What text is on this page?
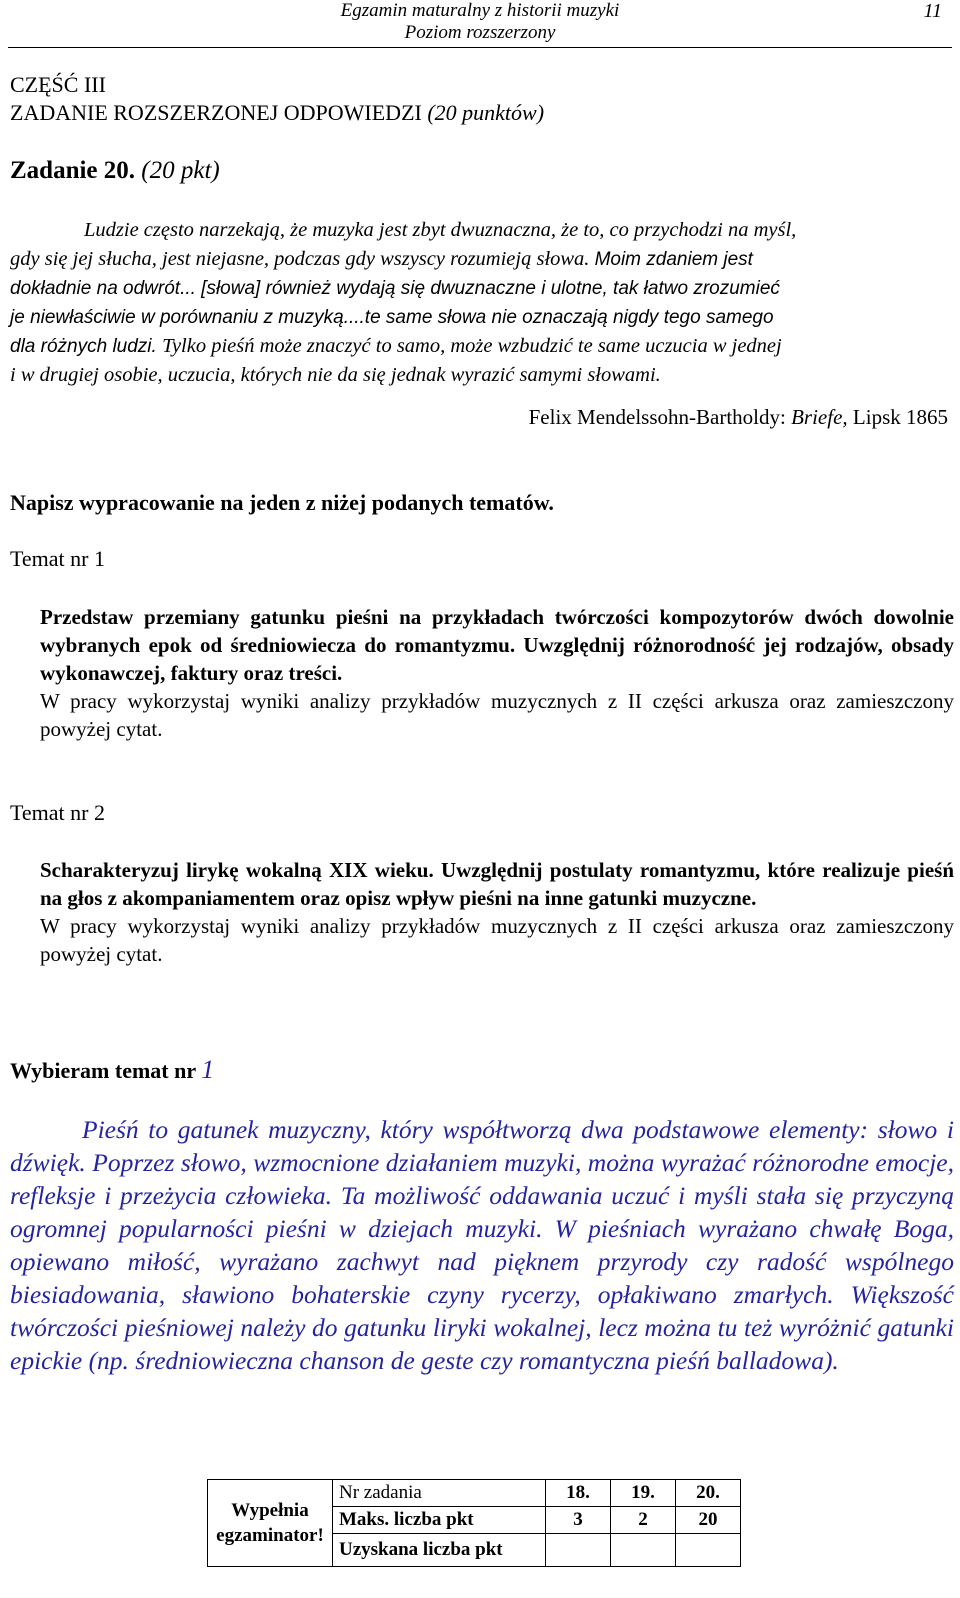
Egzamin maturalny z historii muzyki
Poziom rozszerzony
11
CZĘŚĆ III
ZADANIE ROZSZERZONEJ ODPOWIEDZI (20 punktów)
Zadanie 20. (20 pkt)
Ludzie często narzekają, że muzyka jest zbyt dwuznaczna, że to, co przychodzi na myśl,
gdy się jej słucha, jest niejasne, podczas gdy wszyscy rozumieją słowa. Moim zdaniem jest
dokładnie na odwrót... [słowa] również wydają się dwuznaczne i ulotne, tak łatwo zrozumieć
je niewłaściwie w porównaniu z muzyką....te same słowa nie oznaczają nigdy tego samego
dla różnych ludzi. Tylko pieśń może znaczyć to samo, może wzbudzić te same uczucia w jednej
i w drugiej osobie, uczucia, których nie da się jednak wyrazić samymi słowami.
Felix Mendelssohn-Bartholdy: Briefe, Lipsk 1865
Napisz wypracowanie na jeden z niżej podanych tematów.
Temat nr 1
Przedstaw przemiany gatunku pieśni na przykładach twórczości kompozytorów dwóch dowolnie wybranych epok od średniowiecza do romantyzmu. Uwzględnij różnorodność jej rodzajów, obsady wykonawczej, faktury oraz treści.
W pracy wykorzystaj wyniki analizy przykładów muzycznych z II części arkusza oraz zamieszczony powyżej cytat.
Temat nr 2
Scharakteryzuj lirykę wokalną XIX wieku. Uwzględnij postulaty romantyzmu, które realizuje pieśń na głos z akompaniamentem oraz opisz wpływ pieśni na inne gatunki muzyczne.
W pracy wykorzystaj wyniki analizy przykładów muzycznych z II części arkusza oraz zamieszczony powyżej cytat.
Wybieram temat nr 1
Pieśń to gatunek muzyczny, który współtworzą dwa podstawowe elementy: słowo i dźwięk. Poprzez słowo, wzmocnione działaniem muzyki, można wyrażać różnorodne emocje, refleksje i przeżycia człowieka. Ta możliwość oddawania uczuć i myśli stała się przyczyną ogromnej popularności pieśni w dziejach muzyki. W pieśniach wyrażano chwałę Boga, opiewano miłość, wyrażano zachwyt nad pięknem przyrody czy radość wspólnego biesiadowania, sławiono bohaterskie czyny rycerzy, opłakiwano zmarłych. Większość twórczości pieśniowej należy do gatunku liryki wokalnej, lecz można tu też wyróżnić gatunki epickie (np. średniowieczna chanson de geste czy romantyczna pieśń balladowa).
Wypełnia
egzaminator!	Nr zadania	18.	19.	20.
	Maks. liczba pkt	3	2	20
	Uzyskana liczba pkt			
